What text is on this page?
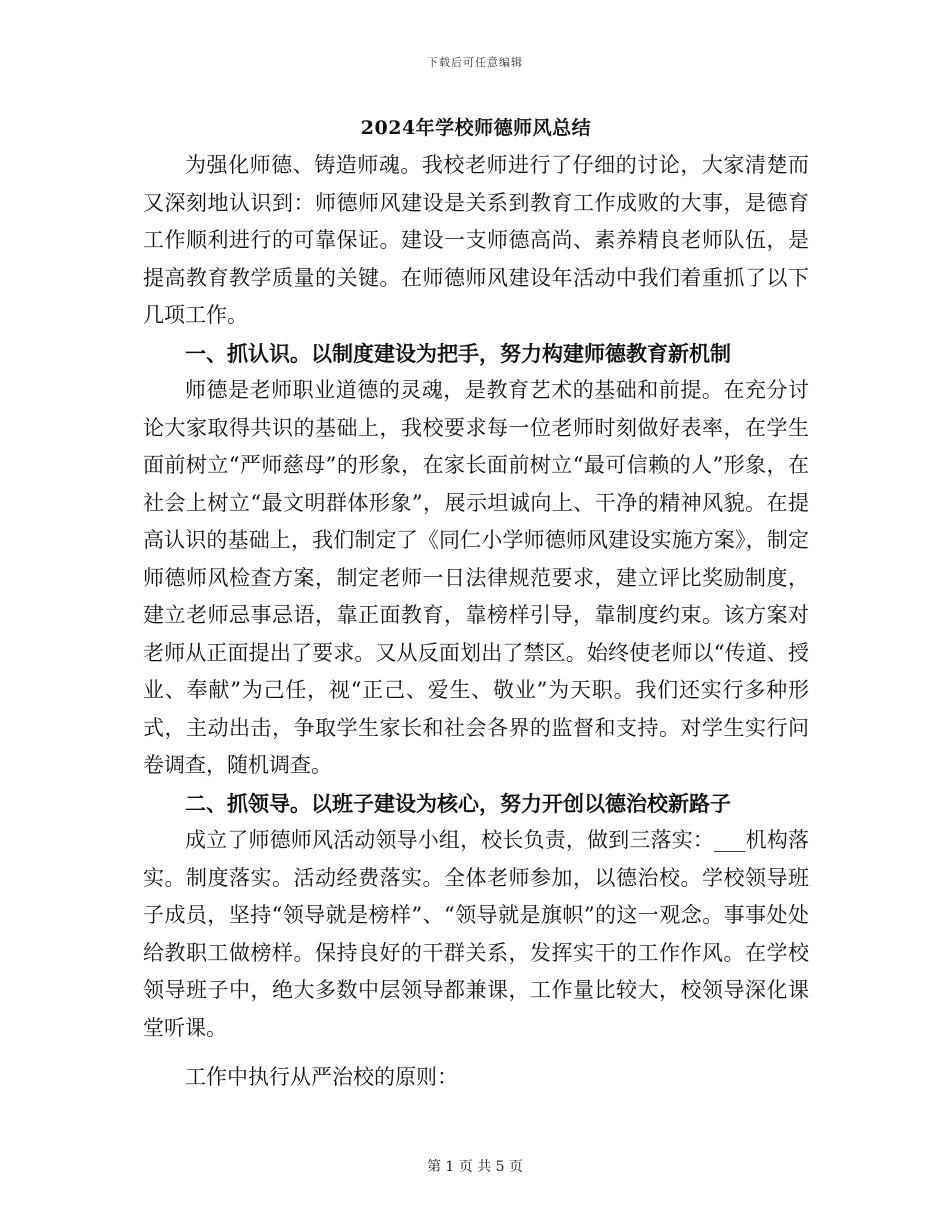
下载后可任意编辑
2024年学校师德师风总结

为强化师德、铸造师魂。我校老师进行了仔细的讨论，大家清楚而又深刻地认识到：师德师风建设是关系到教育工作成败的大事，是德育工作顺利进行的可靠保证。建设一支师德高尚、素养精良老师队伍，是提高教育教学质量的关键。在师德师风建设年活动中我们着重抓了以下几项工作。

一、抓认识。以制度建设为把手，努力构建师德教育新机制

师德是老师职业道德的灵魂，是教育艺术的基础和前提。在充分讨论大家取得共识的基础上，我校要求每一位老师时刻做好表率，在学生面前树立“严师慈母”的形象，在家长面前树立“最可信赖的人”形象，在社会上树立“最文明群体形象”，展示坦诚向上、干净的精神风貌。在提高认识的基础上，我们制定了《同仁小学师德师风建设实施方案》，制定师德师风检查方案，制定老师一日法律规范要求，建立评比奖励制度，建立老师忌事忌语，靠正面教育，靠榜样引导，靠制度约束。该方案对老师从正面提出了要求。又从反面划出了禁区。始终使老师以“传道、授业、奉献”为己任，视“正己、爱生、敬业”为天职。我们还实行多种形式，主动出击，争取学生家长和社会各界的监督和支持。对学生实行问卷调查，随机调查。

二、抓领导。以班子建设为核心，努力开创以德治校新路子

成立了师德师风活动领导小组，校长负责，做到三落实：___机构落实。制度落实。活动经费落实。全体老师参加，以德治校。学校领导班子成员，坚持“领导就是榜样”、“领导就是旗帜”的这一观念。事事处处给教职工做榜样。保持良好的干群关系，发挥实干的工作作风。在学校领导班子中，绝大多数中层领导都兼课，工作量比较大，校领导深化课堂听课。

工作中执行从严治校的原则：

第 1 页 共 5 页
